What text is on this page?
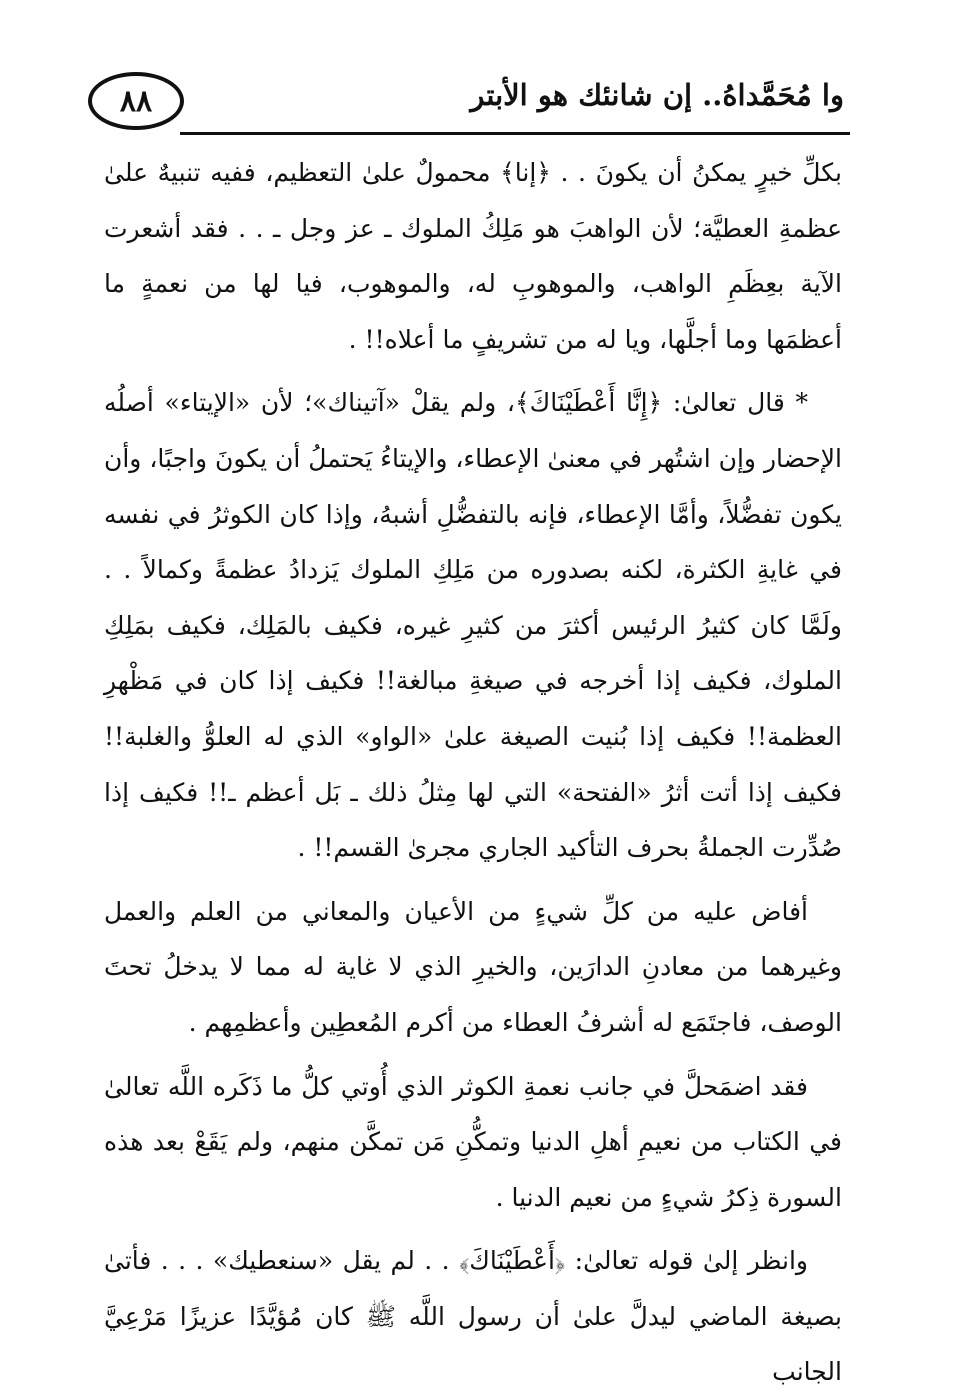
٨٨	وا مُحَمَّداهُ.. إن شانئك هو الأبتر

بكلِّ خيرٍ يمكنُ أن يكونَ . . ﴿إنا﴾ محمولٌ علىٰ التعظيم، ففيه تنبيهٌ علىٰ عظمةِ العطيَّة؛ لأن الواهبَ هو مَلِكُ الملوك ـ عز وجل ـ . . فقد أشعرت الآية بعِظَمِ الواهب، والموهوبِ له، والموهوب، فيا لها من نعمةٍ ما أعظمَها وما أجلَّها، ويا له من تشريفٍ ما أعلاه!! .

* قال تعالىٰ: ﴿إِنَّا أَعْطَيْنَاكَ﴾، ولم يقلْ «آتيناك»؛ لأن «الإيتاء» أصلُه الإحضار وإن اشتُهر في معنىٰ الإعطاء، والإيتاءُ يَحتملُ أن يكونَ واجبًا، وأن يكون تفضُّلاً، وأمَّا الإعطاء، فإنه بالتفضُّلِ أشبهُ، وإذا كان الكوثرُ في نفسه في غايةِ الكثرة، لكنه بصدوره من مَلِكِ الملوك يَزدادُ عظمةً وكمالاً . . ولَمَّا كان كثيرُ الرئيس أكثرَ من كثيرِ غيره، فكيف بالمَلِك، فكيف بمَلِكِ الملوك، فكيف إذا أخرجه في صيغةِ مبالغة!! فكيف إذا كان في مَظْهرِ العظمة!! فكيف إذا بُنيت الصيغة علىٰ «الواو» الذي له العلوُّ والغلبة!! فكيف إذا أتت أثرُ «الفتحة» التي لها مِثلُ ذلك ـ بَل أعظم ـ!! فكيف إذا صُدِّرت الجملةُ بحرف التأكيد الجاري مجرىٰ القسم!! .

أفاض عليه من كلِّ شيءٍ من الأعيان والمعاني من العلم والعمل وغيرهما من معادنِ الدارَين، والخيرِ الذي لا غاية له مما لا يدخلُ تحتَ الوصف، فاجتَمَع له أشرفُ العطاء من أكرم المُعطِين وأعظمِهم .

فقد اضمَحلَّ في جانب نعمةِ الكوثر الذي أُوتي كلُّ ما ذَكَره اللَّه تعالىٰ في الكتاب من نعيمِ أهلِ الدنيا وتمكُّنِ مَن تمكَّن منهم، ولم يَقَعْ بعد هذه السورة ذِكرُ شيءٍ من نعيم الدنيا .

وانظر إلىٰ قوله تعالىٰ: ﴿أَعْطَيْنَاكَ﴾ . . لم يقل «سنعطيك» . . . فأتىٰ بصيغة الماضي ليدلَّ علىٰ أن رسول اللَّه ﷺ كان مُؤيَّدًا عزيزًا مَرْعِيَّ الجانب
